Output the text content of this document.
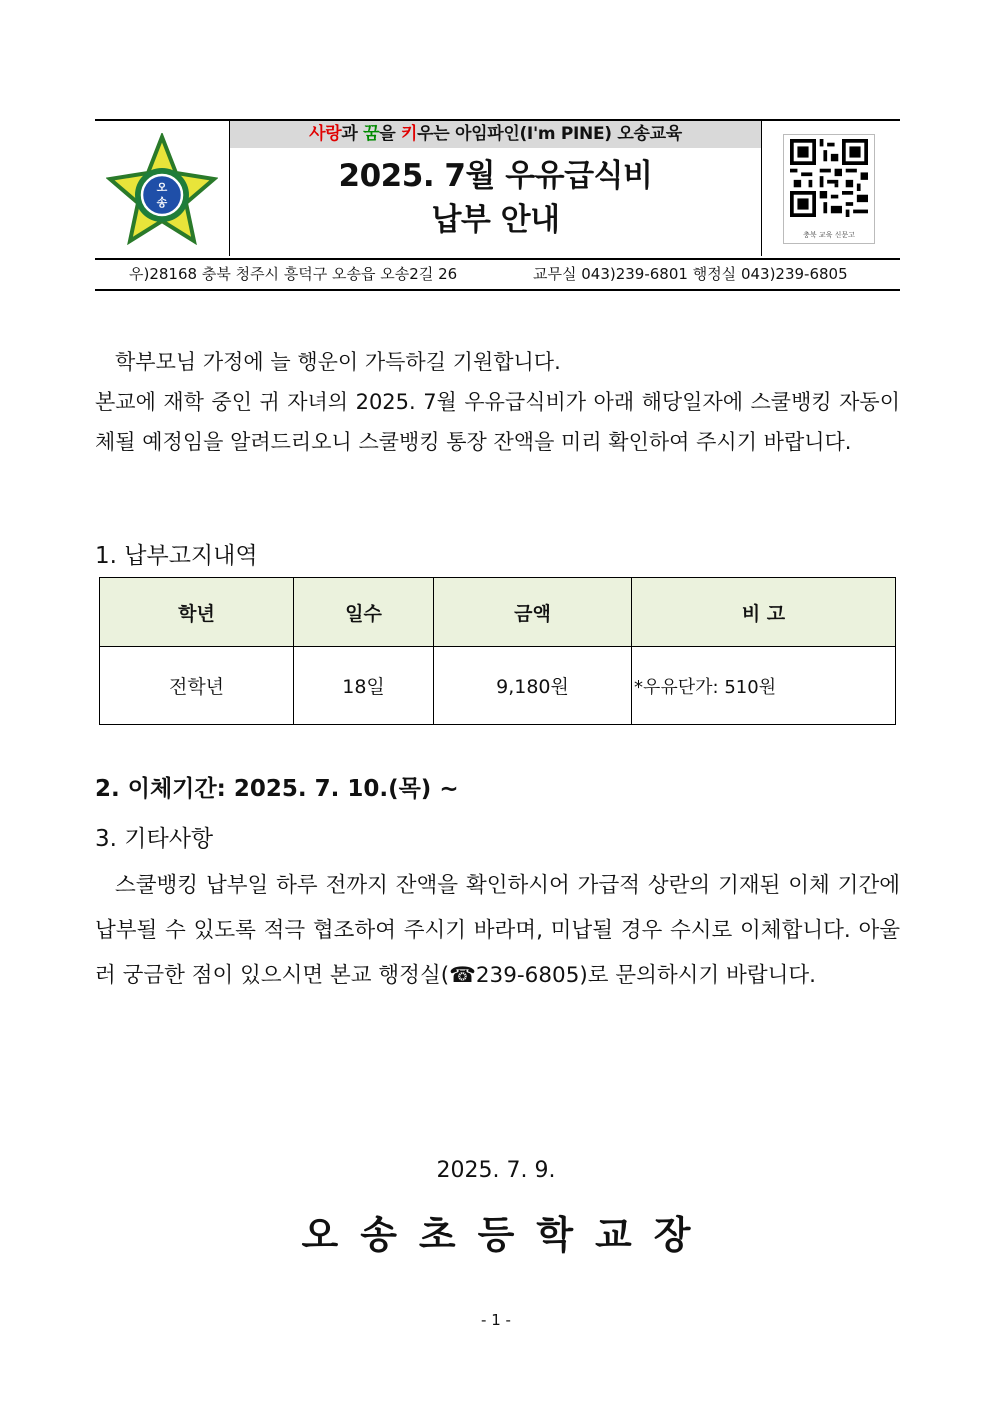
오
송
사랑과 꿈을 키우는 아임파인(I'm PINE) 오송교육
2025. 7월 우유급식비
납부 안내	충북 교육 신문고
우)28168 충북 청주시 흥덕구 오송읍 오송2길 26	교무실 043)239-6801 행정실 043)239-6805

학부모님 가정에 늘 행운이 가득하길 기원합니다.

본교에 재학 중인 귀 자녀의 2025. 7월 우유급식비가 아래 해당일자에 스쿨뱅킹 자동이체될 예정임을 알려드리오니 스쿨뱅킹 통장 잔액을 미리 확인하여 주시기 바랍니다.

1. 납부고지내역
학년	일수	금액	비 고
전학년	18일	9,180원	*우유단가: 510원
2. 이체기간: 2025. 7. 10.(목) ~
3. 기타사항

스쿨뱅킹 납부일 하루 전까지 잔액을 확인하시어 가급적 상란의 기재된 이체 기간에 납부될 수 있도록 적극 협조하여 주시기 바라며, 미납될 경우 수시로 이체합니다. 아울러 궁금한 점이 있으시면 본교 행정실(☎239-6805)로 문의하시기 바랍니다.

2025. 7. 9.
오송초등학교장
- 1 -
